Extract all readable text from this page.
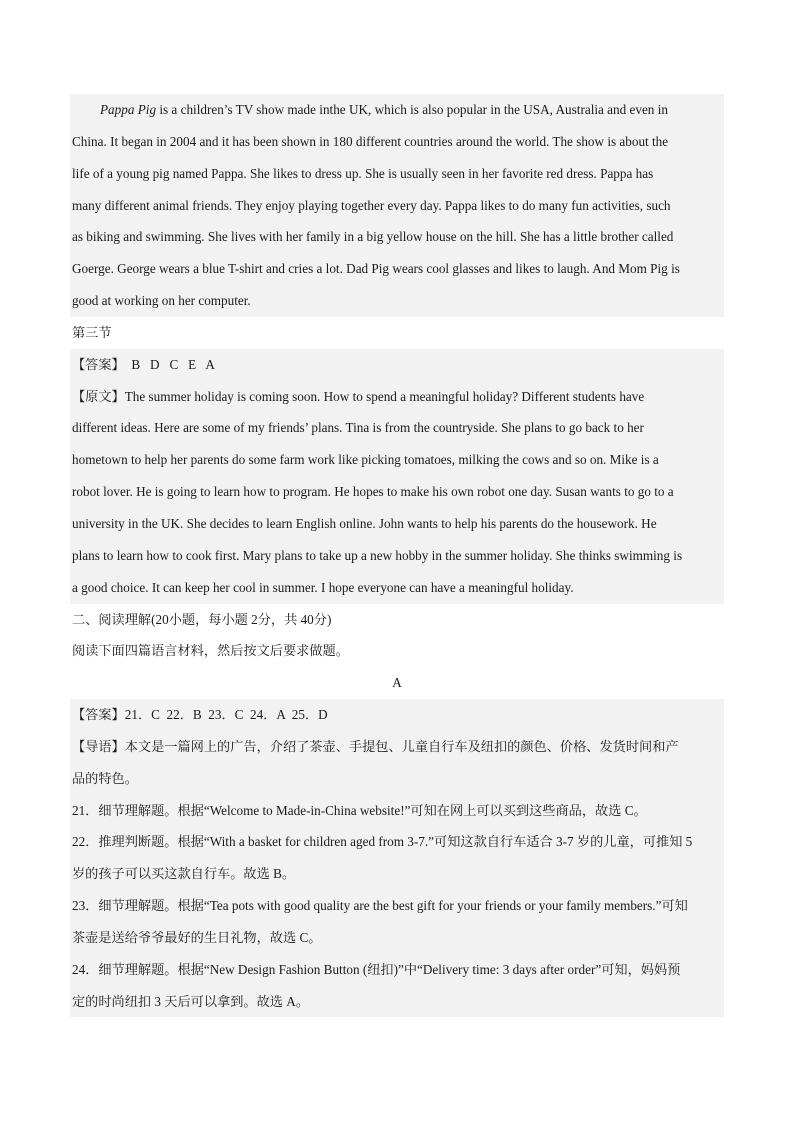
Pappa Pig is a children’s TV show made inthe UK, which is also popular in the USA, Australia and even in
China. It began in 2004 and it has been shown in 180 different countries around the world. The show is about the
life of a young pig named Pappa. She likes to dress up. She is usually seen in her favorite red dress. Pappa has
many different animal friends. They enjoy playing together every day. Pappa likes to do many fun activities, such
as biking and swimming. She lives with her family in a big yellow house on the hill. She has a little brother called
Goerge. George wears a blue T-shirt and cries a lot. Dad Pig wears cool glasses and likes to laugh. And Mom Pig is
good at working on her computer.
第三节
【答案】  B   D   C   E   A
【原文】The summer holiday is coming soon. How to spend a meaningful holiday? Different students have
different ideas. Here are some of my friends’ plans. Tina is from the countryside. She plans to go back to her
hometown to help her parents do some farm work like picking tomatoes, milking the cows and so on. Mike is a
robot lover. He is going to learn how to program. He hopes to make his own robot one day. Susan wants to go to a
university in the UK. She decides to learn English online. John wants to help his parents do the housework. He
plans to learn how to cook first. Mary plans to take up a new hobby in the summer holiday. She thinks swimming is
a good choice. It can keep her cool in summer. I hope everyone can have a meaningful holiday.
二、阅读理解(20小题，每小题 2分，共 40分)
阅读下面四篇语言材料，然后按文后要求做题。
A
【答案】21．C  22．B  23．C  24．A  25．D
【导语】本文是一篇网上的广告，介绍了茶壶、手提包、儿童自行车及纽扣的颜色、价格、发货时间和产
品的特色。
21．细节理解题。根据“Welcome to Made-in-China website!”可知在网上可以买到这些商品，故选 C。
22．推理判断题。根据“With a basket for children aged from 3-7.”可知这款自行车适合 3-7 岁的儿童，可推知 5
岁的孩子可以买这款自行车。故选 B。
23．细节理解题。根据“Tea pots with good quality are the best gift for your friends or your family members.”可知
茶壶是送给爷爷最好的生日礼物，故选 C。
24．细节理解题。根据“New Design Fashion Button (纽扣)”中“Delivery time: 3 days after order”可知，妈妈预
定的时尚纽扣 3 天后可以拿到。故选 A。
